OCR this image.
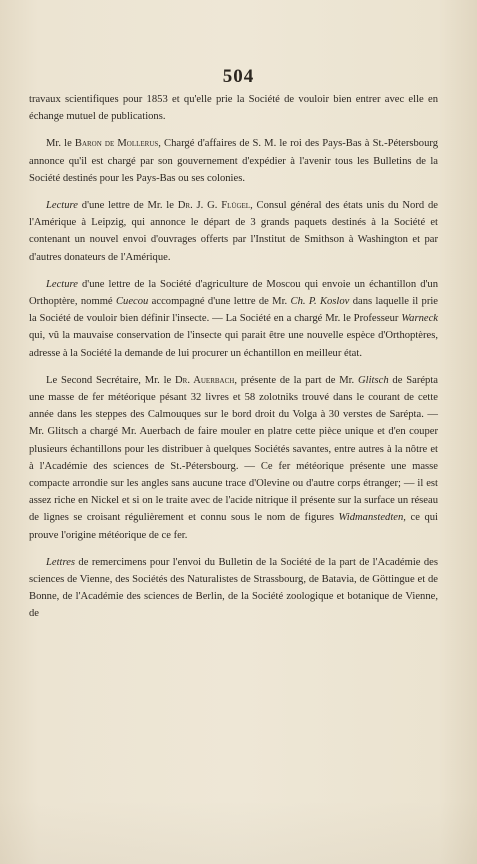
504

travaux scientifiques pour 1853 et qu'elle prie la Société de vouloir bien entrer avec elle en échange mutuel de publications.

Mr. le Baron de Mollerus, Chargé d'affaires de S. M. le roi des Pays-Bas à St.-Pétersbourg annonce qu'il est chargé par son gouvernement d'expédier à l'avenir tous les Bulletins de la Société destinés pour les Pays-Bas ou ses colonies.

Lecture d'une lettre de Mr. le Dr. J. G. Flügel, Consul général des états unis du Nord de l'Amérique à Leipzig, qui annonce le départ de 3 grands paquets destinés à la Société et contenant un nouvel envoi d'ouvrages offerts par l'Institut de Smithson à Washington et par d'autres donateurs de l'Amérique.

Lecture d'une lettre de la Société d'agriculture de Moscou qui envoie un échantillon d'un Orthoptère, nommé Cuecou accompagné d'une lettre de Mr. Ch. P. Koslov dans laquelle il prie la Société de vouloir bien définir l'insecte. — La Société en a chargé Mr. le Professeur Warneck qui, vû la mauvaise conservation de l'insecte qui parait être une nouvelle espèce d'Orthoptères, adresse à la Société la demande de lui procurer un échantillon en meilleur état.

Le Second Secrétaire, Mr. le Dr. Auerbach, présente de la part de Mr. Glitsch de Sarépta une masse de fer météorique pésant 32 livres et 58 zolotniks trouvé dans le courant de cette année dans les steppes des Calmouques sur le bord droit du Volga à 30 verstes de Sarépta. — Mr. Glitsch a chargé Mr. Auerbach de faire mouler en platre cette pièce unique et d'en couper plusieurs échantillons pour les distribuer à quelques Sociétés savantes, entre autres à la nôtre et à l'Académie des sciences de St.-Pétersbourg. — Ce fer météorique présente une masse compacte arrondie sur les angles sans aucune trace d'Olevine ou d'autre corps étranger; — il est assez riche en Nickel et si on le traite avec de l'acide nitrique il présente sur la surface un réseau de lignes se croisant régulièrement et connu sous le nom de figures Widmanstedten, ce qui prouve l'origine météorique de ce fer.

Lettres de remercimens pour l'envoi du Bulletin de la Société de la part de l'Académie des sciences de Vienne, des Sociétés des Naturalistes de Strassbourg, de Batavia, de Göttingue et de Bonne, de l'Académie des sciences de Berlin, de la Société zoologique et botanique de Vienne, de
